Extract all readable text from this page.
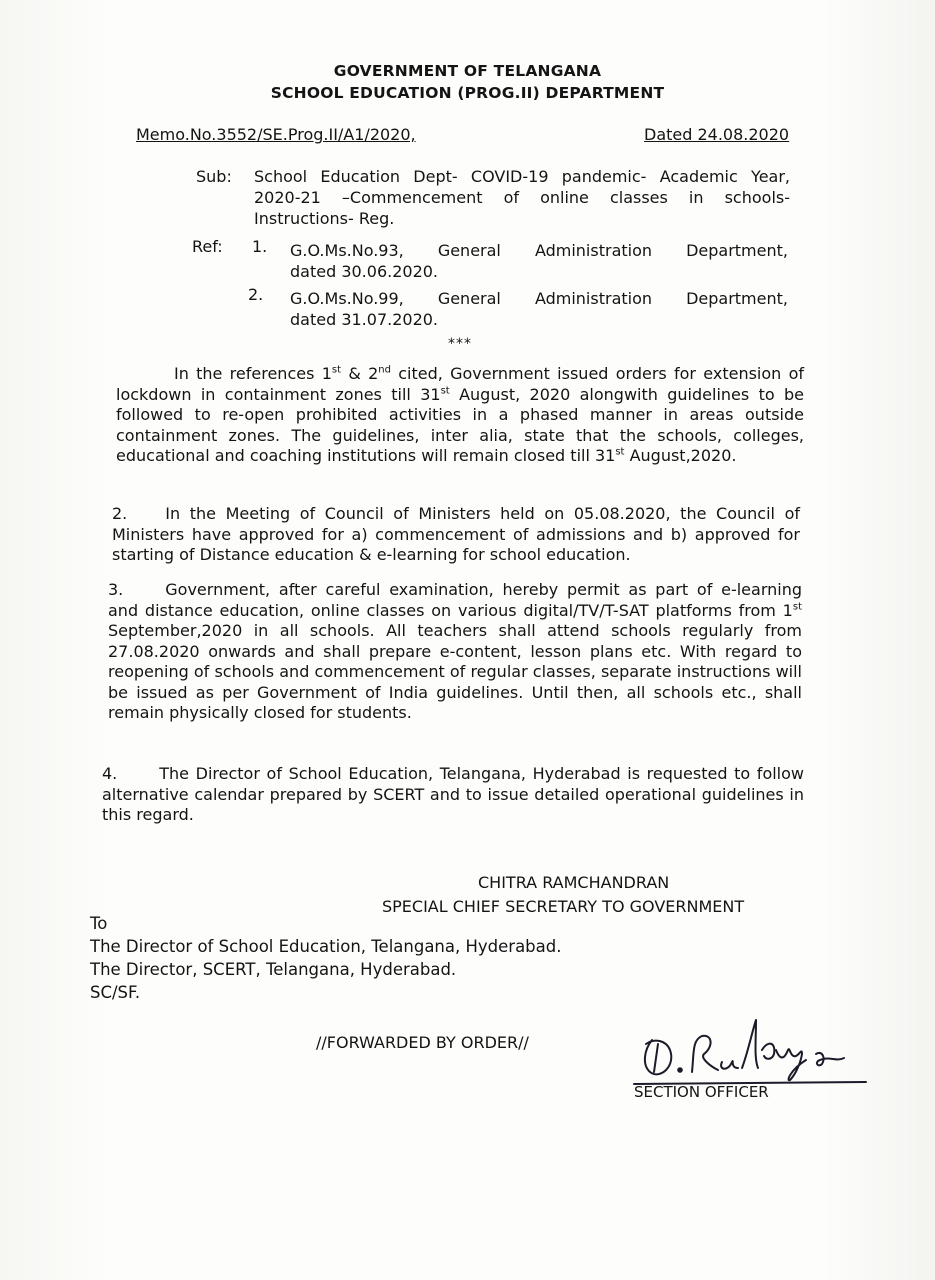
GOVERNMENT OF TELANGANA
SCHOOL EDUCATION (PROG.II) DEPARTMENT
Memo.No.3552/SE.Prog.II/A1/2020,	Dated 24.08.2020
Sub: School Education Dept- COVID-19 pandemic- Academic Year, 2020-21 –Commencement of online classes in schools- Instructions- Reg.
Ref: 1. G.O.Ms.No.93, General Administration Department,
dated 30.06.2020.
2. G.O.Ms.No.99, General Administration Department,
dated 31.07.2020.
***
In the references 1st & 2nd cited, Government issued orders for extension of lockdown in containment zones till 31st August, 2020 alongwith guidelines to be followed to re-open prohibited activities in a phased manner in areas outside containment zones. The guidelines, inter alia, state that the schools, colleges, educational and coaching institutions will remain closed till 31st August,2020.
2. In the Meeting of Council of Ministers held on 05.08.2020, the Council of Ministers have approved for a) commencement of admissions and b) approved for starting of Distance education & e-learning for school education.
3.	Government, after careful examination, hereby permit as part of e-learning and distance education, online classes on various digital/TV/T-SAT platforms from 1st September,2020 in all schools. All teachers shall attend schools regularly from 27.08.2020 onwards and shall prepare e-content, lesson plans etc. With regard to reopening of schools and commencement of regular classes, separate instructions will be issued as per Government of India guidelines. Until then, all schools etc., shall remain physically closed for students.
4.	The Director of School Education, Telangana, Hyderabad is requested to follow alternative calendar prepared by SCERT and to issue detailed operational guidelines in this regard.
CHITRA RAMCHANDRAN
SPECIAL CHIEF SECRETARY TO GOVERNMENT
To
The Director of School Education, Telangana, Hyderabad.
The Director, SCERT, Telangana, Hyderabad.
SC/SF.
//FORWARDED BY ORDER//
SECTION OFFICER
